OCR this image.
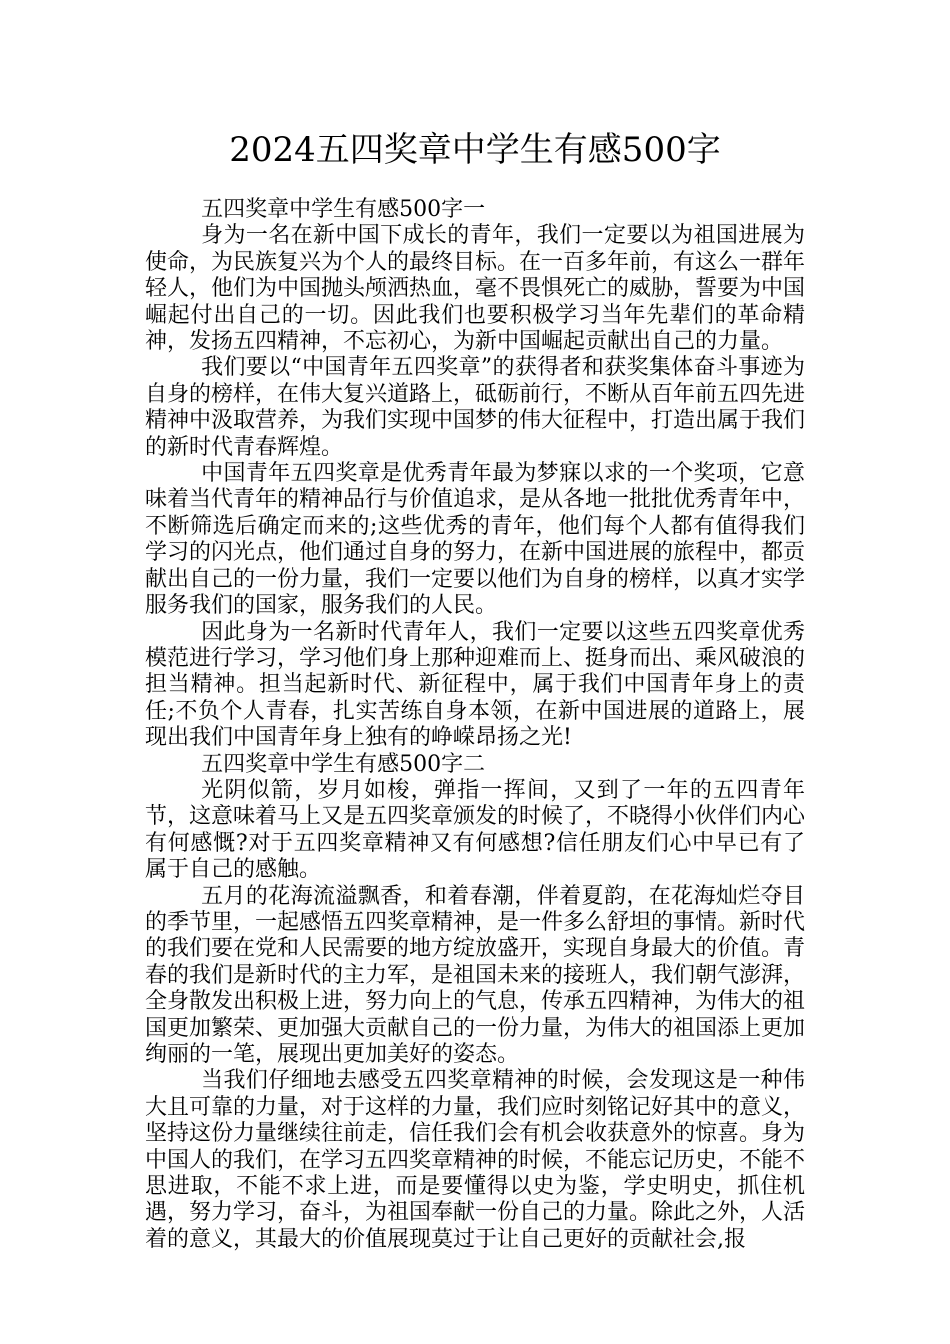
2024五四奖章中学生有感500字

五四奖章中学生有感500字一

身为一名在新中国下成长的青年，我们一定要以为祖国进展为使命，为民族复兴为个人的最终目标。在一百多年前，有这么一群年轻人，他们为中国抛头颅洒热血，毫不畏惧死亡的威胁，誓要为中国崛起付出自己的一切。因此我们也要积极学习当年先辈们的革命精神，发扬五四精神，不忘初心，为新中国崛起贡献出自己的力量。

我们要以“中国青年五四奖章”的获得者和获奖集体奋斗事迹为自身的榜样，在伟大复兴道路上，砥砺前行，不断从百年前五四先进精神中汲取营养，为我们实现中国梦的伟大征程中，打造出属于我们的新时代青春辉煌。

中国青年五四奖章是优秀青年最为梦寐以求的一个奖项，它意味着当代青年的精神品行与价值追求，是从各地一批批优秀青年中，不断筛选后确定而来的;这些优秀的青年，他们每个人都有值得我们学习的闪光点，他们通过自身的努力，在新中国进展的旅程中，都贡献出自己的一份力量，我们一定要以他们为自身的榜样，以真才实学服务我们的国家，服务我们的人民。

因此身为一名新时代青年人，我们一定要以这些五四奖章优秀模范进行学习，学习他们身上那种迎难而上、挺身而出、乘风破浪的担当精神。担当起新时代、新征程中，属于我们中国青年身上的责任;不负个人青春，扎实苦练自身本领，在新中国进展的道路上，展现出我们中国青年身上独有的峥嵘昂扬之光!

五四奖章中学生有感500字二

光阴似箭，岁月如梭，弹指一挥间，又到了一年的五四青年节，这意味着马上又是五四奖章颁发的时候了，不晓得小伙伴们内心有何感慨?对于五四奖章精神又有何感想?信任朋友们心中早已有了属于自己的感触。

五月的花海流溢飘香，和着春潮，伴着夏韵，在花海灿烂夺目的季节里，一起感悟五四奖章精神，是一件多么舒坦的事情。新时代的我们要在党和人民需要的地方绽放盛开，实现自身最大的价值。青春的我们是新时代的主力军，是祖国未来的接班人，我们朝气澎湃，全身散发出积极上进，努力向上的气息，传承五四精神，为伟大的祖国更加繁荣、更加强大贡献自己的一份力量，为伟大的祖国添上更加绚丽的一笔，展现出更加美好的姿态。

当我们仔细地去感受五四奖章精神的时候，会发现这是一种伟大且可靠的力量，对于这样的力量，我们应时刻铭记好其中的意义，坚持这份力量继续往前走，信任我们会有机会收获意外的惊喜。身为中国人的我们，在学习五四奖章精神的时候，不能忘记历史，不能不思进取，不能不求上进，而是要懂得以史为鉴，学史明史，抓住机遇，努力学习，奋斗，为祖国奉献一份自己的力量。除此之外，人活着的意义，其最大的价值展现莫过于让自己更好的贡献社会,报
